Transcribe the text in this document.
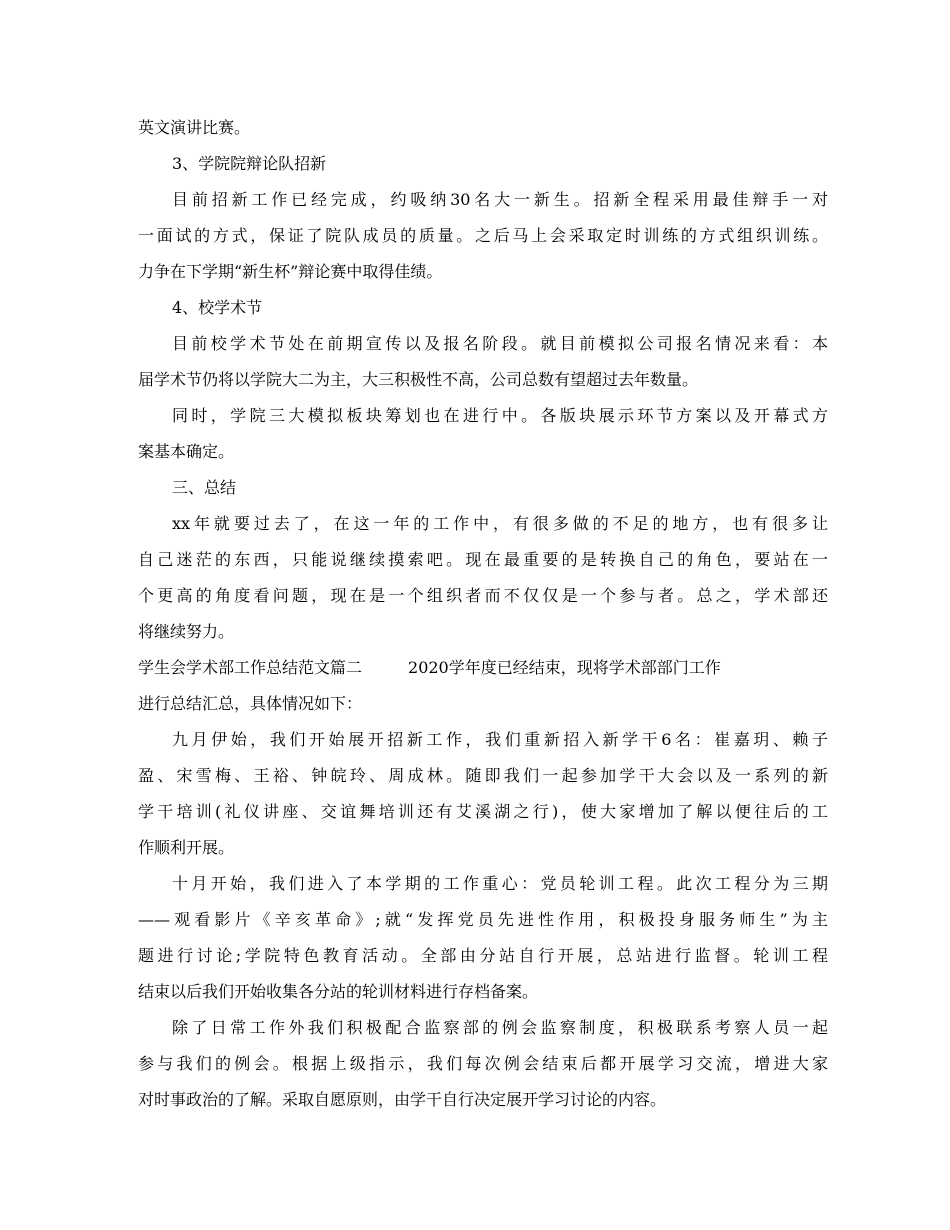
英文演讲比赛。
3、学院院辩论队招新
目前招新工作已经完成，约吸纳30名大一新生。招新全程采用最佳辩手一对
一面试的方式，保证了院队成员的质量。之后马上会采取定时训练的方式组织训练。
力争在下学期“新生杯”辩论赛中取得佳绩。
4、校学术节
目前校学术节处在前期宣传以及报名阶段。就目前模拟公司报名情况来看：本
届学术节仍将以学院大二为主，大三积极性不高，公司总数有望超过去年数量。
同时，学院三大模拟板块筹划也在进行中。各版块展示环节方案以及开幕式方
案基本确定。
三、总结
xx年就要过去了，在这一年的工作中，有很多做的不足的地方，也有很多让
自己迷茫的东西，只能说继续摸索吧。现在最重要的是转换自己的角色，要站在一
个更高的角度看问题，现在是一个组织者而不仅仅是一个参与者。总之，学术部还
将继续努力。
学生会学术部工作总结范文篇二	2020学年度已经结束，现将学术部部门工作
进行总结汇总，具体情况如下：
九月伊始，我们开始展开招新工作，我们重新招入新学干6名：崔嘉玥、赖子
盈、宋雪梅、王裕、钟皖玲、周成林。随即我们一起参加学干大会以及一系列的新
学干培训(礼仪讲座、交谊舞培训还有艾溪湖之行)，使大家增加了解以便往后的工
作顺利开展。
十月开始，我们进入了本学期的工作重心：党员轮训工程。此次工程分为三期
——观看影片《辛亥革命》;就“发挥党员先进性作用，积极投身服务师生”为主
题进行讨论;学院特色教育活动。全部由分站自行开展，总站进行监督。轮训工程
结束以后我们开始收集各分站的轮训材料进行存档备案。
除了日常工作外我们积极配合监察部的例会监察制度，积极联系考察人员一起
参与我们的例会。根据上级指示，我们每次例会结束后都开展学习交流，增进大家
对时事政治的了解。采取自愿原则，由学干自行决定展开学习讨论的内容。
